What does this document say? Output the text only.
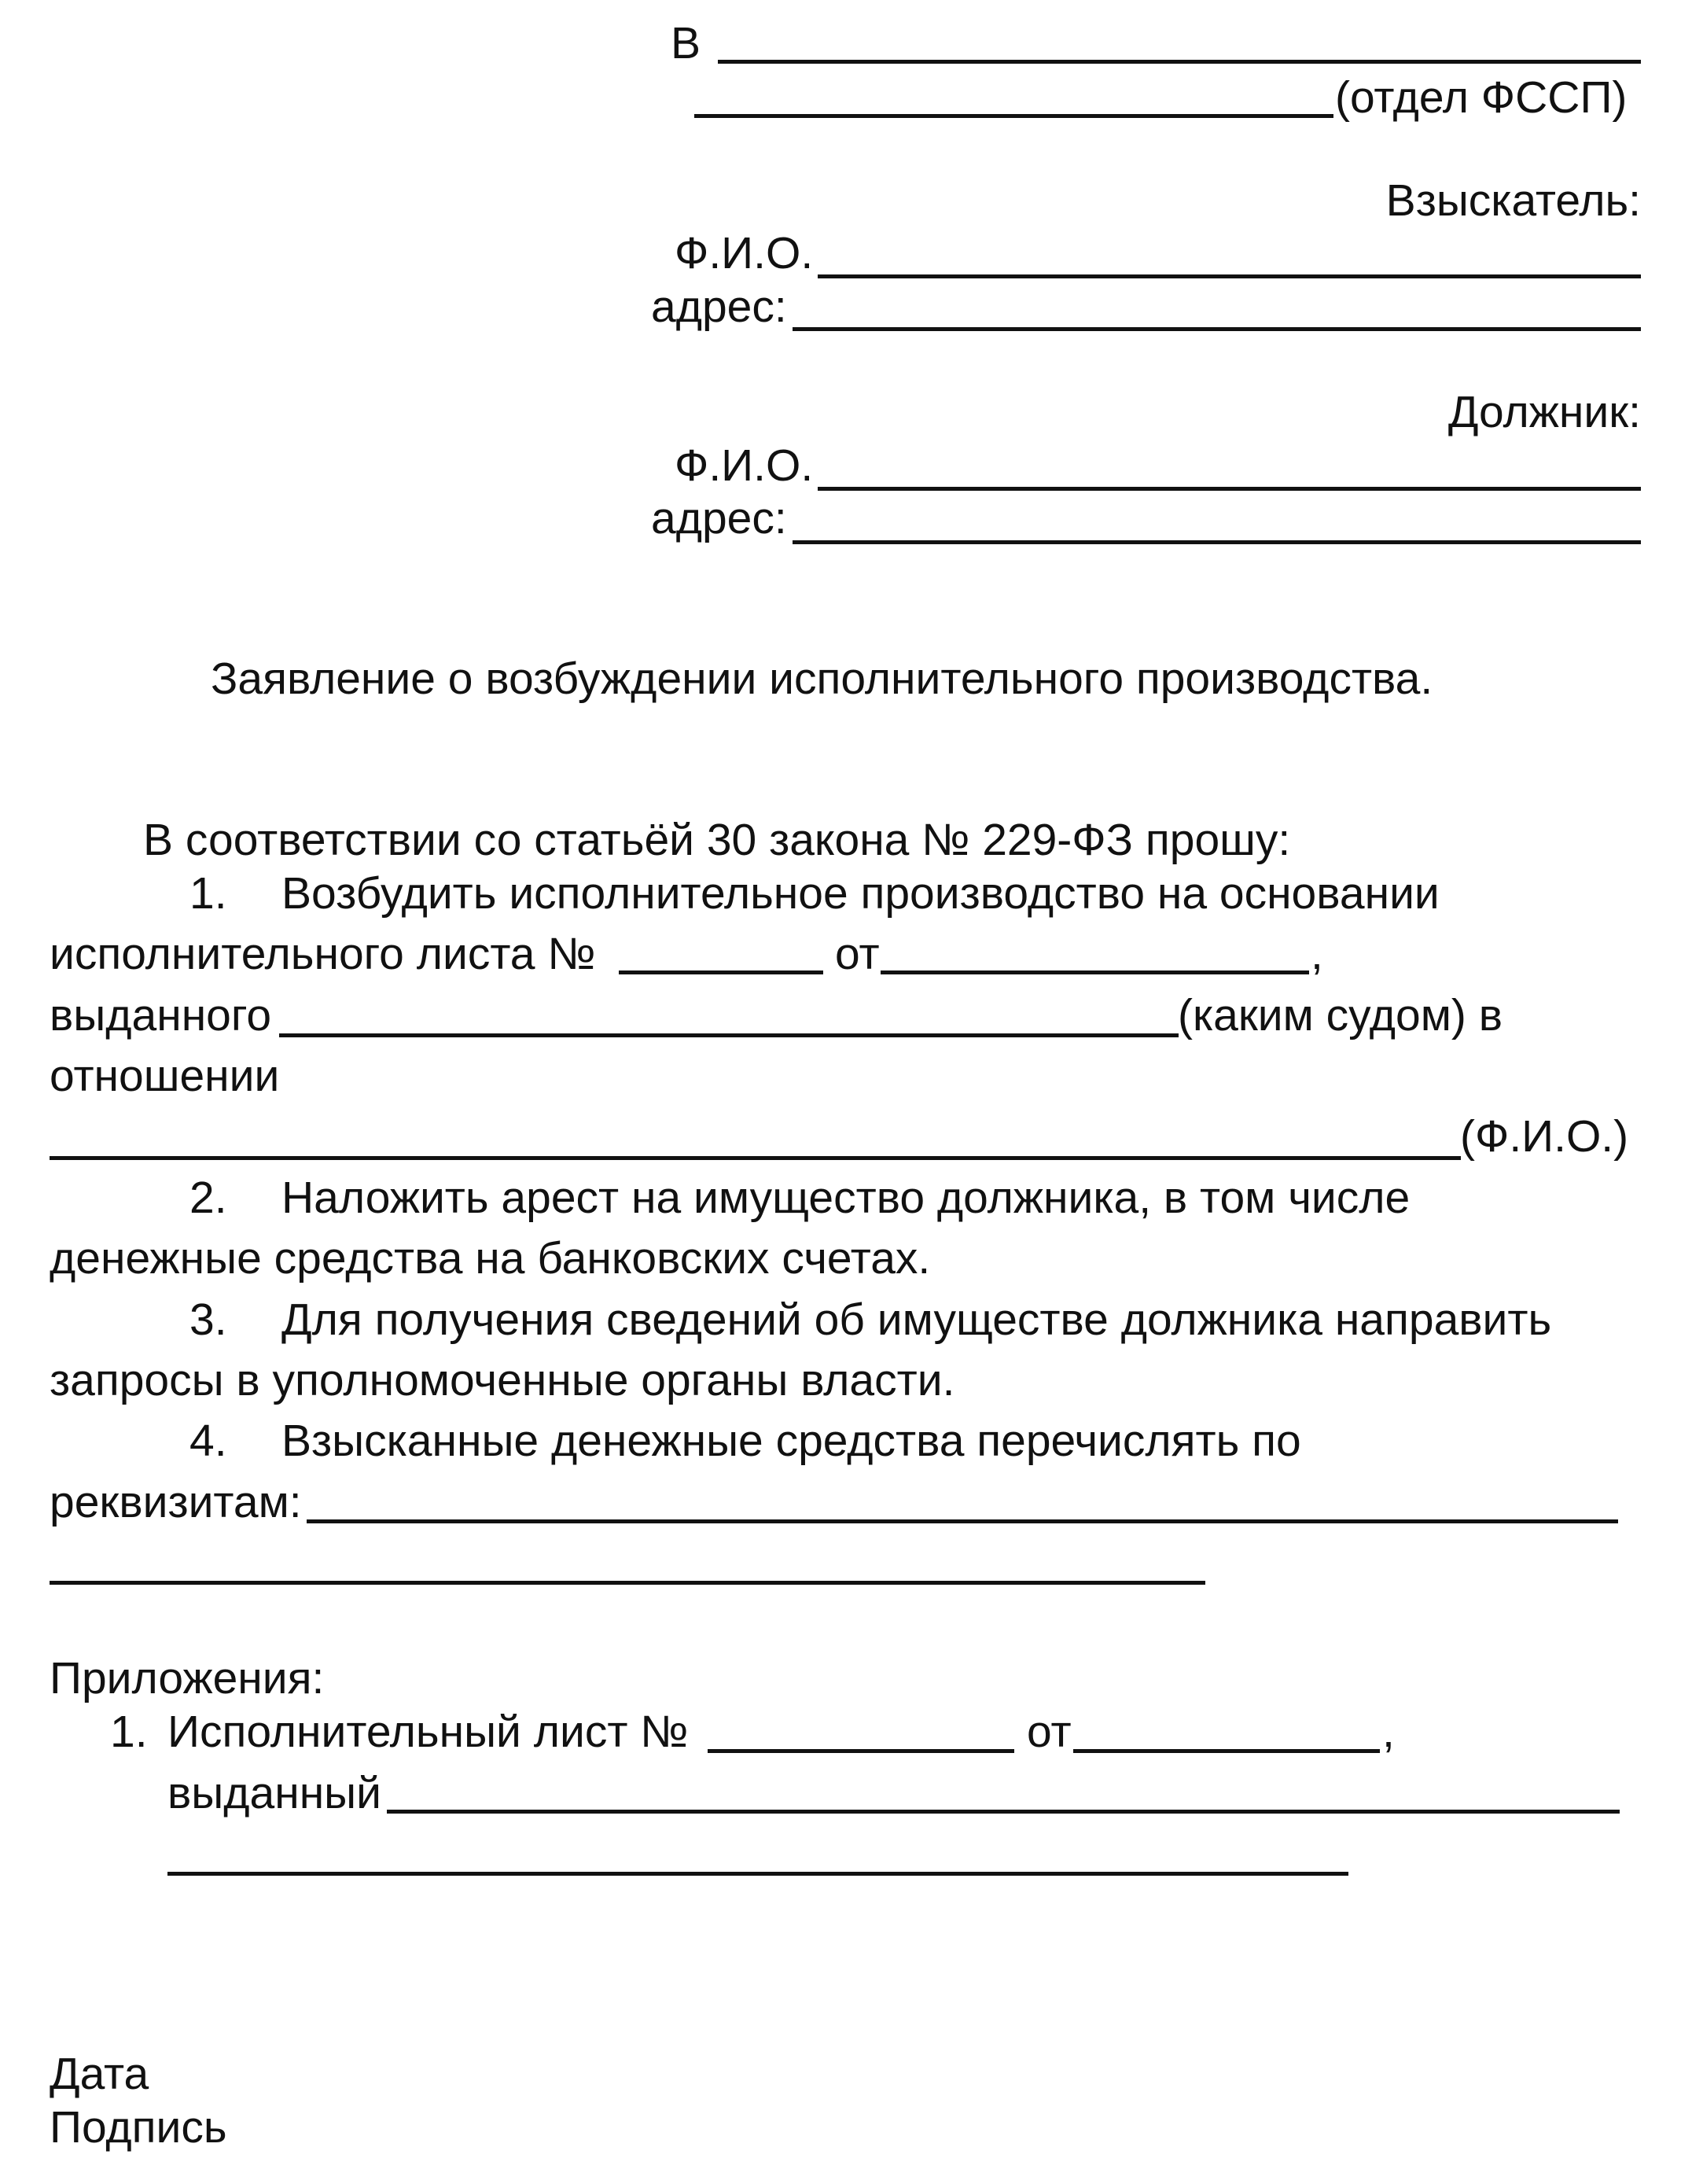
В
(отдел ФССП)
Взыскатель:
Ф.И.О.
адрес:
Должник:
Ф.И.О.
адрес:
Заявление о возбуждении исполнительного производства.
В соответствии со статьёй 30 закона № 229-ФЗ прошу:
1. Возбудить исполнительное производство на основании
исполнительного листа №	от	,
выданного	(каким судом) в
отношении
(Ф.И.О.)
2. Наложить арест на имущество должника, в том числе
денежные средства на банковских счетах.
3. Для получения сведений об имуществе должника направить
запросы в уполномоченные органы власти.
4. Взысканные денежные средства перечислять по
реквизитам:
Приложения:
1. Исполнительный лист №	от	,
выданный
Дата
Подпись
